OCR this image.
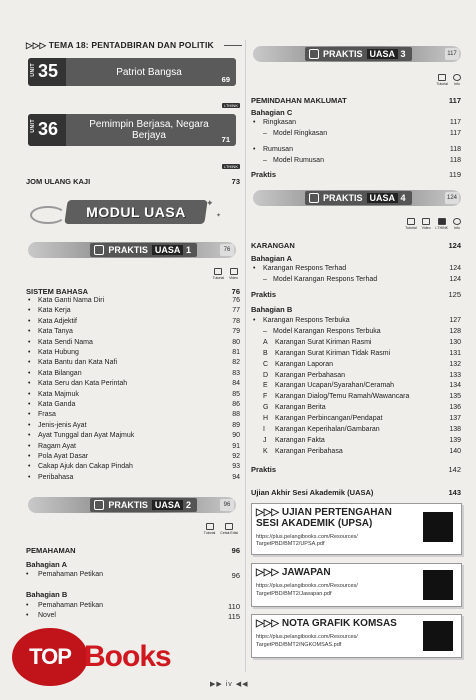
▷▷▷ TEMA 18: PENTADBIRAN DAN POLITIK
UNIT 35	Patriot Bangsa
69
i-THINK
UNIT 36	Pemimpin Berjasa, Negara Berjaya	71
i-THINK
JOM ULANG KAJI	73
MODUL UASA
✦
✦
PRAKTIS UASA 1	76
Tutorial Video
SISTEM BAHASA	76
• Kata Ganti Nama Diri	76
• Kata Kerja	77
• Kata Adjektif	78
• Kata Tanya	79
• Kata Sendi Nama	80
• Kata Hubung	81
• Kata Bantu dan Kata Nafi	82
• Kata Bilangan	83
• Kata Seru dan Kata Perintah	84
• Kata Majmuk	85
• Kata Ganda	86
• Frasa	88
• Jenis-jenis Ayat	89
• Ayat Tunggal dan Ayat Majmuk	90
• Ragam Ayat	91
• Pola Ayat Dasar	92
• Cakap Ajuk dan Cakap Pindah	93
• Peribahasa	94
PRAKTIS UASA 2	96
Tutorial Cetak Edisi
PEMAHAMAN	96
Bahagian A
• Pemahaman Petikan	96
Bahagian B
• Pemahaman Petikan	110
• Novel	115
PRAKTIS UASA 3	117
Tutorial	Info
PEMINDAHAN MAKLUMAT	117
Bahagian C
• Ringkasan	117
– Model Ringkasan	117
• Rumusan	118
– Model Rumusan	118
Praktis	119
PRAKTIS UASA 4	124
Tutorial Video i-THINK	Info
KARANGAN	124
Bahagian A
• Karangan Respons Terhad	124
– Model Karangan Respons Terhad	124
Praktis	125
Bahagian B
• Karangan Respons Terbuka	127
– Model Karangan Respons Terbuka	128
A Karangan Surat Kiriman Rasmi	130
B Karangan Surat Kiriman Tidak Rasmi	131
C Karangan Laporan	132
D Karangan Perbahasan	133
E Karangan Ucapan/Syarahan/Ceramah	134
F Karangan Dialog/Temu Ramah/Wawancara	135
G Karangan Berita	136
H Karangan Perbincangan/Pendapat	137
I Karangan Keperihalan/Gambaran	138
J Karangan Fakta	139
K Karangan Peribahasa	140
Praktis	142
Ujian Akhir Sesi Akademik (UASA)	143
▷▷▷ UJIAN PERTENGAHAN SESI AKADEMIK (UPSA)
https://plus.pelangibooks.com/Resources/
TargetPBD/BMT2/UPSA.pdf
▷▷▷ JAWAPAN
https://plus.pelangibooks.com/Resources/
TargetPBD/BMT2/Jawapan.pdf
▷▷▷ NOTA GRAFIK KOMSAS
https://plus.pelangibooks.com/Resources/
TargetPBD/BMT2/NGKOMSAS.pdf
▶▶ iv ◀◀
TOP Books
